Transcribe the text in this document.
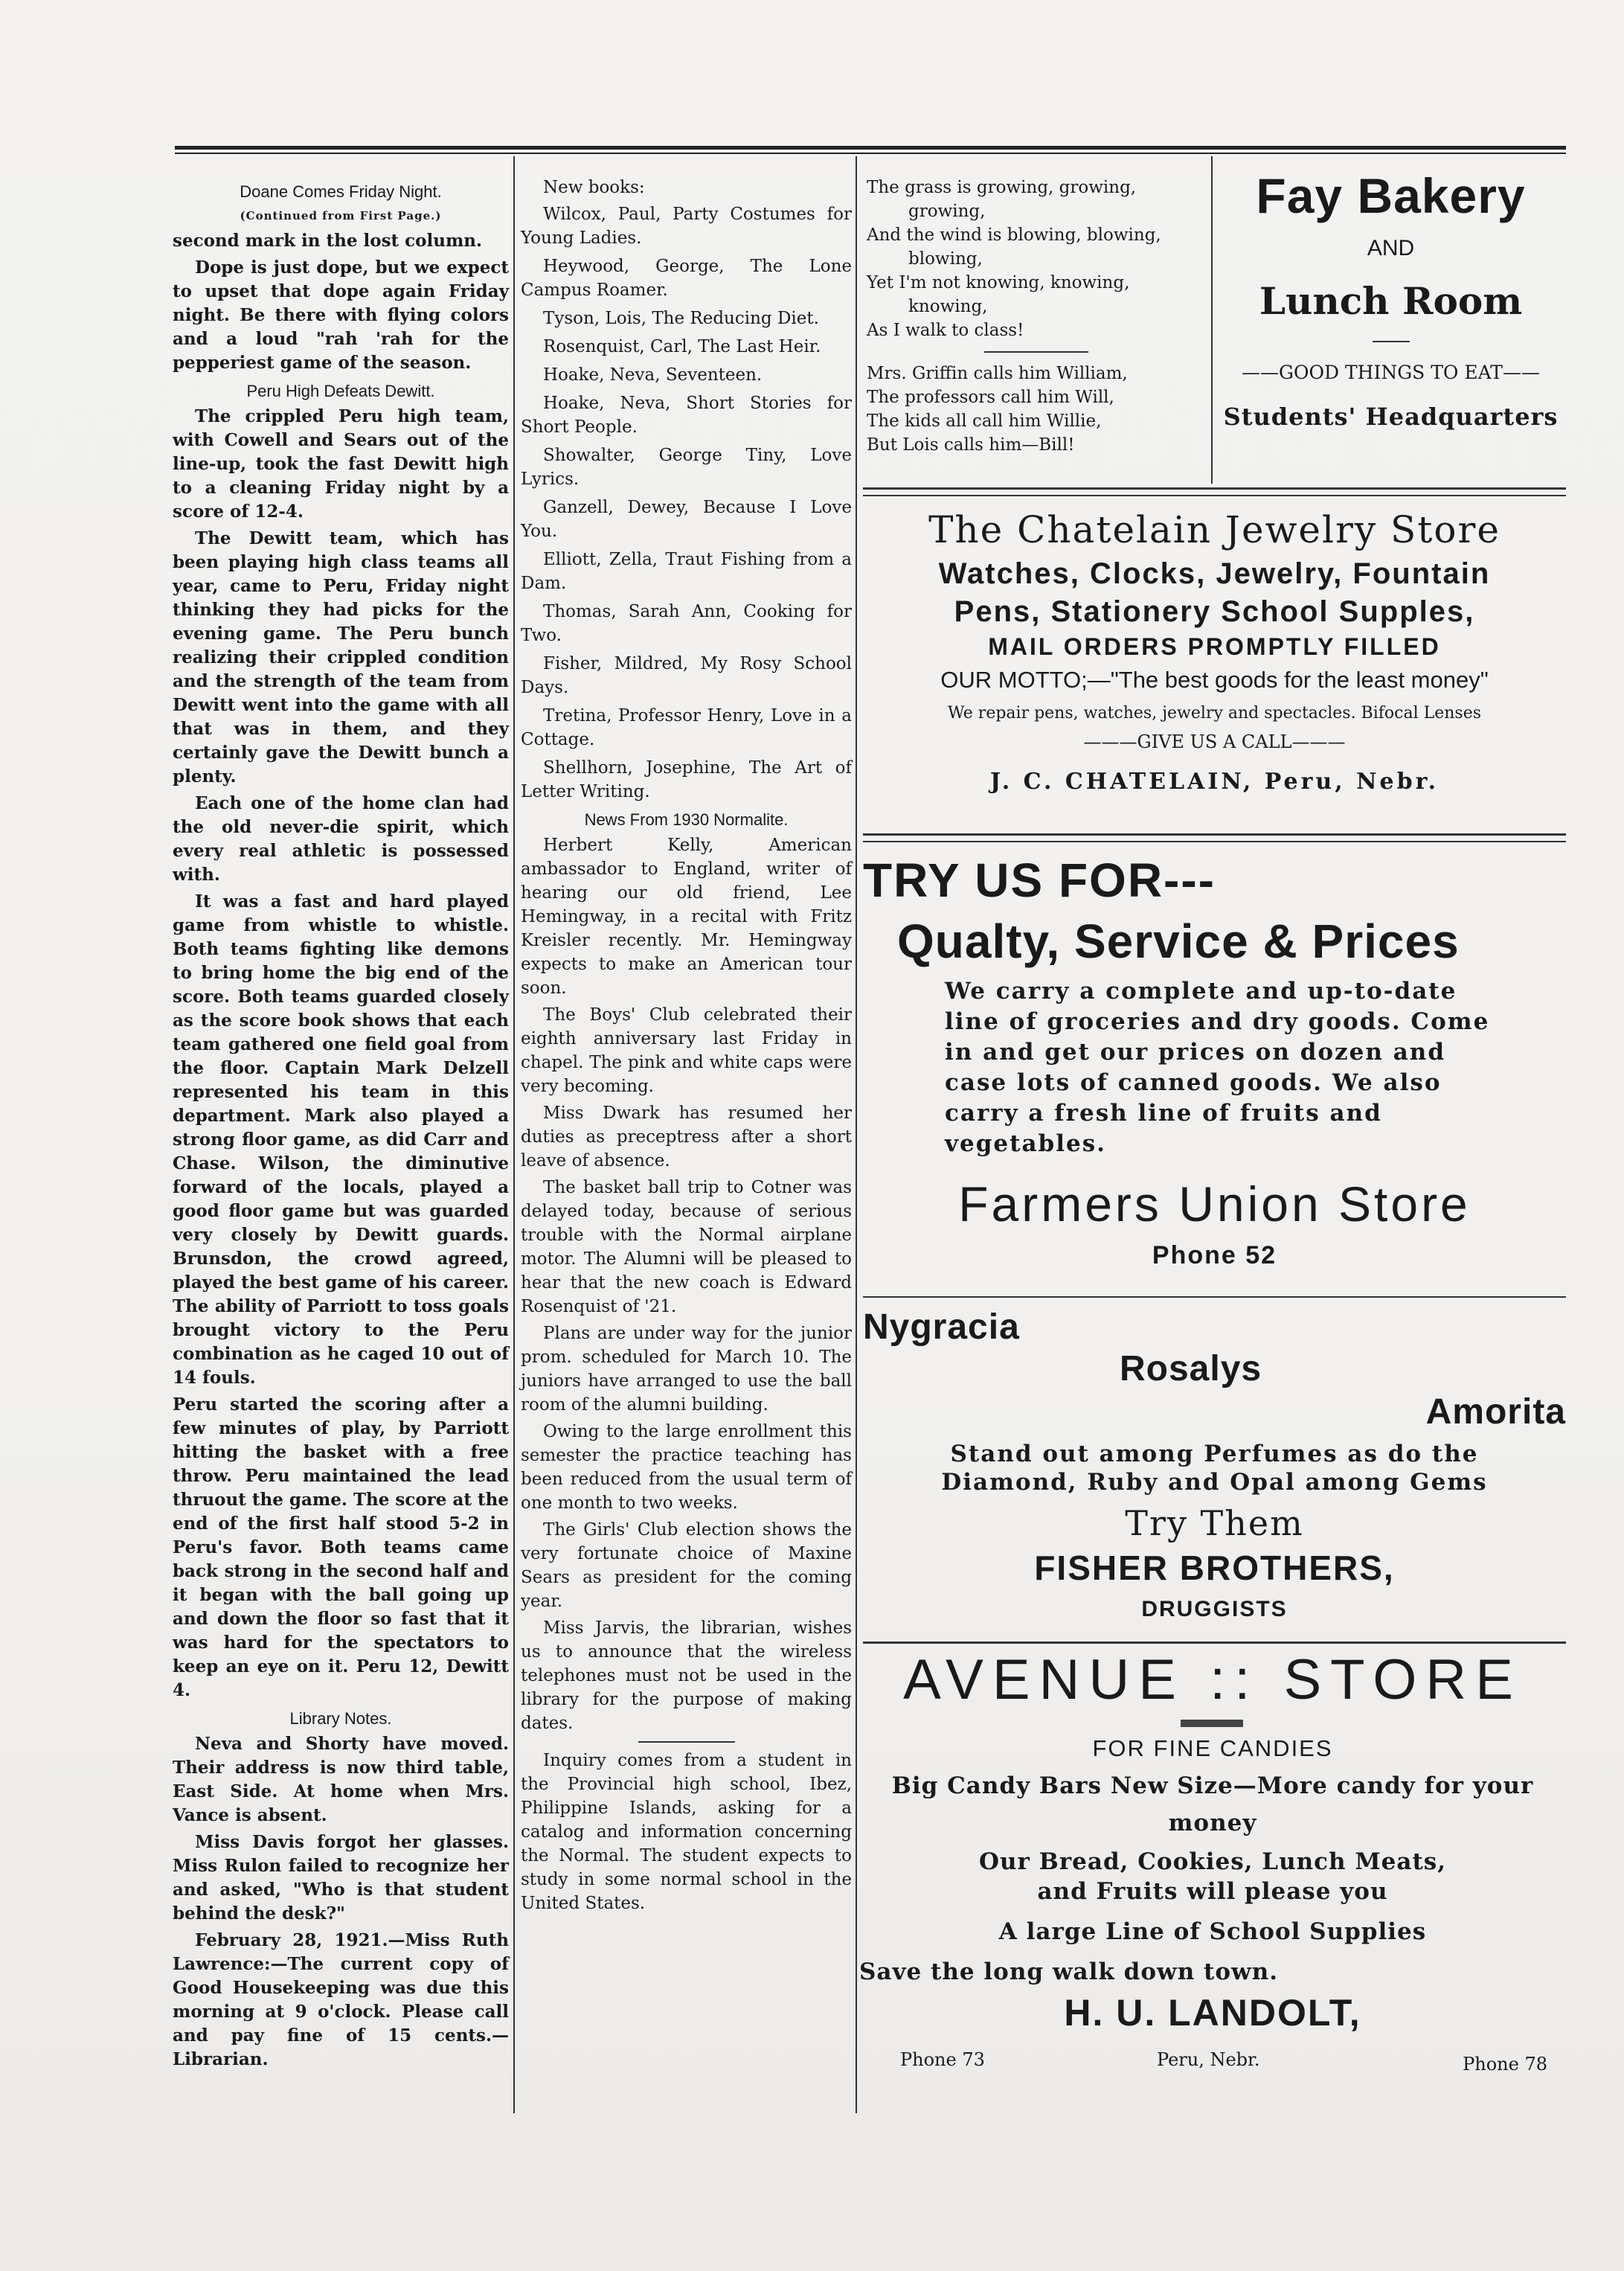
Doane Comes Friday Night.
(Continued from First Page.)

second mark in the lost column.

Dope is just dope, but we expect to upset that dope again Friday night. Be there with flying colors and a loud "rah 'rah for the pepperiest game of the season.

Peru High Defeats Dewitt.

The crippled Peru high team, with Cowell and Sears out of the line-up, took the fast Dewitt high to a cleaning Friday night by a score of 12-4.

The Dewitt team, which has been playing high class teams all year, came to Peru, Friday night thinking they had picks for the evening game. The Peru bunch realizing their crippled condition and the strength of the team from Dewitt went into the game with all that was in them, and they certainly gave the Dewitt bunch a plenty.

Each one of the home clan had the old never-die spirit, which every real athletic is possessed with.

It was a fast and hard played game from whistle to whistle. Both teams fighting like demons to bring home the big end of the score. Both teams guarded closely as the score book shows that each team gathered one field goal from the floor. Captain Mark Delzell represented his team in this department. Mark also played a strong floor game, as did Carr and Chase. Wilson, the diminutive forward of the locals, played a good floor game but was guarded very closely by Dewitt guards. Brunsdon, the crowd agreed, played the best game of his career. The ability of Parriott to toss goals brought victory to the Peru combination as he caged 10 out of 14 fouls.

Peru started the scoring after a few minutes of play, by Parriott hitting the basket with a free throw. Peru maintained the lead thruout the game. The score at the end of the first half stood 5-2 in Peru's favor. Both teams came back strong in the second half and it began with the ball going up and down the floor so fast that it was hard for the spectators to keep an eye on it. Peru 12, Dewitt 4.

Library Notes.

Neva and Shorty have moved. Their address is now third table, East Side. At home when Mrs. Vance is absent.

Miss Davis forgot her glasses. Miss Rulon failed to recognize her and asked, "Who is that student behind the desk?"

February 28, 1921.—Miss Ruth Lawrence:—The current copy of Good Housekeeping was due this morning at 9 o'clock. Please call and pay fine of 15 cents.—Librarian.

New books:

Wilcox, Paul, Party Costumes for Young Ladies.

Heywood, George, The Lone Campus Roamer.

Tyson, Lois, The Reducing Diet.

Rosenquist, Carl, The Last Heir.

Hoake, Neva, Seventeen.

Hoake, Neva, Short Stories for Short People.

Showalter, George Tiny, Love Lyrics.

Ganzell, Dewey, Because I Love You.

Elliott, Zella, Traut Fishing from a Dam.

Thomas, Sarah Ann, Cooking for Two.

Fisher, Mildred, My Rosy School Days.

Tretina, Professor Henry, Love in a Cottage.

Shellhorn, Josephine, The Art of Letter Writing.

News From 1930 Normalite.

Herbert Kelly, American ambassador to England, writer of hearing our old friend, Lee Hemingway, in a recital with Fritz Kreisler recently. Mr. Hemingway expects to make an American tour soon.

The Boys' Club celebrated their eighth anniversary last Friday in chapel. The pink and white caps were very becoming.

Miss Dwark has resumed her duties as preceptress after a short leave of absence.

The basket ball trip to Cotner was delayed today, because of serious trouble with the Normal airplane motor. The Alumni will be pleased to hear that the new coach is Edward Rosenquist of '21.

Plans are under way for the junior prom. scheduled for March 10. The juniors have arranged to use the ball room of the alumni building.

Owing to the large enrollment this semester the practice teaching has been reduced from the usual term of one month to two weeks.

The Girls' Club election shows the very fortunate choice of Maxine Sears as president for the coming year.

Miss Jarvis, the librarian, wishes us to announce that the wireless telephones must not be used in the library for the purpose of making dates.

Inquiry comes from a student in the Provincial high school, Ibez, Philippine Islands, asking for a catalog and information concerning the Normal. The student expects to study in some normal school in the United States.

The grass is growing, growing,
growing,
And the wind is blowing, blowing,
blowing,
Yet I'm not knowing, knowing,
knowing,
As I walk to class!
Mrs. Griffin calls him William,
The professors call him Will,
The kids all call him Willie,
But Lois calls him—Bill!
Fay Bakery
AND
Lunch Room
——GOOD THINGS TO EAT——
Students' Headquarters
The Chatelain Jewelry Store
Watches, Clocks, Jewelry, Fountain
Pens, Stationery School Supples,
MAIL ORDERS PROMPTLY FILLED
OUR MOTTO;—"The best goods for the least money"
We repair pens, watches, jewelry and spectacles. Bifocal Lenses
———GIVE US A CALL———
J. C. CHATELAIN, Peru, Nebr.
TRY US FOR---
Qualty, Service & Prices
We carry a complete and up-to-date
line of groceries and dry goods. Come
in and get our prices on dozen and
case lots of canned goods. We also
carry a fresh line of fruits and
vegetables.
Farmers Union Store
Phone 52
Nygracia
Rosalys
Amorita
Stand out among Perfumes as do the
Diamond, Ruby and Opal among Gems
Try Them
FISHER BROTHERS,
DRUGGISTS
AVENUE :: STORE
FOR FINE CANDIES
Big Candy Bars New Size—More candy for your
money
Our Bread, Cookies, Lunch Meats,
and Fruits will please you
A large Line of School Supplies
Save the long walk down town.
H. U. LANDOLT,
Phone 73	Peru, Nebr.	Phone 78
